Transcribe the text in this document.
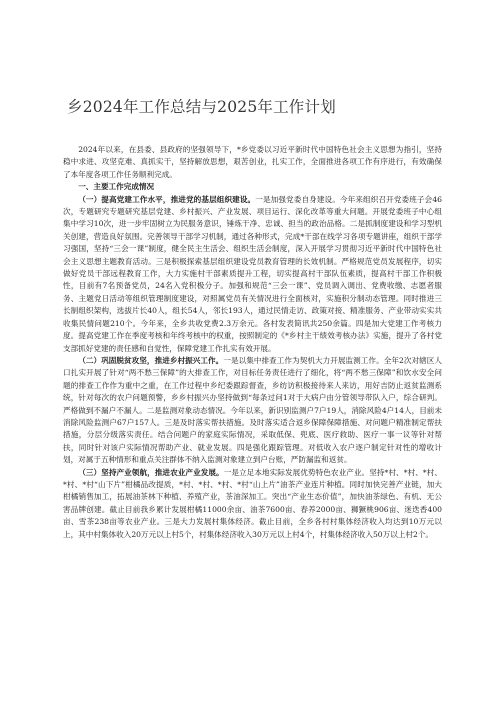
乡2024年工作总结与2025年工作计划

2024年以来，在县委、县政府的坚强领导下，*乡党委以习近平新时代中国特色社会主义思想为指引，坚持稳中求进、攻坚克难、真抓实干，坚持解放思想，艰苦创业，扎实工作，全面推进各项工作有序进行，有效确保了本年度各项工作任务顺利完成。

一、主要工作完成情况

（一）提高党建工作水平，推进党的基层组织建设。一是加强党委自身建设。今年来组织召开党委班子会46次，专题研究专题研究基层党建、乡村振兴、产业发展、项目运行、深化改革等重大问题。开展党委班子中心组集中学习10次，进一步牢固树立为民服务意识，锤炼干净、忠诚、担当的政治品格。二是抓制度建设和学习型机关创建，营造良好氛围。完善领导干部学习机制，通过各种形式，完成*干部在线学习各项专题讲座，组织干部学习强国，坚持“三会一课”制度，健全民主生活会、组织生活会制度，深入开展学习贯彻习近平新时代中国特色社会主义思想主题教育活动。三是积极探索基层组织建设党员教育管理的长效机制。严格规范党员发展程序，切实做好党员干部远程教育工作，大力实施村干部素质提升工程，切实提高村干部队伍素质，提高村干部工作积极性，目前有7名预备党员，24名入党积极分子。加强和规范“三会一课”、党员调入调出、党费收缴、志愿者服务、主题党日活动等组织管理制度建设，对照属党员有关情况进行全面核对，实施积分制动态管理。同时推进三长制组织架构，选拔片长40人，组长54人，邻长193人，通过民情走访、政策对接、精准服务、产业带动实实共收集民情问题210个。今年来，全乡共收党费2.3万余元。各村发表简讯共250余篇。四是加大党建工作考核力度。提高党建工作在季度考核和年终考核中的权重，按照制定的《*乡村主干绩效考核办法》实施，提升了各村党支部抓好党建的责任感和自觉性，保障党建工作扎实有效开展。

（二）巩固脱贫攻坚，推进乡村振兴工作。一是以集中排查工作为契机大力开展监测工作。全年2次对辖区人口扎实开展了针对“两不愁三保障”的大排查工作，对目标任务责任进行了细化，将“两不愁三保障”和饮水安全问题的排查工作作为重中之重，在工作过程中乡纪委跟踪督查，乡纺访积极接待来人来访，用好吉防止返贫监测系统，针对每次的农户问题预警，乡乡村振兴办坚持做到“每条过问1对于大病户由分管领导带队入户，综合研判。严格做到不漏户不漏人。二是监测对象动态情况。今年以来，新识别监测户7户19人，消除风险4户14人，目前未消除风险监测户67户157人。三是及时落实帮扶措施。及时落实适合返乡保障保障措施、对问题户精准制定帮扶措施，分层分级落实责任。结合问题户的家庭实际情况，采取低保、兜底、医疗救助、医疗一事一议等针对帮扶，同时针对该户实际情况帮助产业、就业发展。四是强化跟踪管理。对低收入农户逐户制定针对性的增收计划，对属于五种情形和重点关注群体不纳入监测对象建立到户台账，严防漏监和返贫。

（三）坚持产业领航，推进农业产业发展。一是立足本地实际发展优势特色农业产业。坚持*村、*村、*村、*村、*村“山下片”柑橘品改提质，*村、*村、*村、*村“山上片”油茶产业连片种植。同时加快完善产业链，加大柑橘销售加工，拓展油茶林下种植、养殖产业，茶油深加工。突出“产业生态价值”，加快油茶绿色、有机、无公害品牌创建。截止目前我乡累计发展柑橘11000余亩、油茶7600亩、春养2000亩、狮獗桃906亩、迷迭香400亩、雪茶238亩等农业产业。三是大力发展村集体经济。截止目前，全乡各村村集体经济收入均达到10万元以上，其中村集体收入20万元以上村5个，村集体经济收入30万元以上村4个，村集体经济收入50万以上村2个。
